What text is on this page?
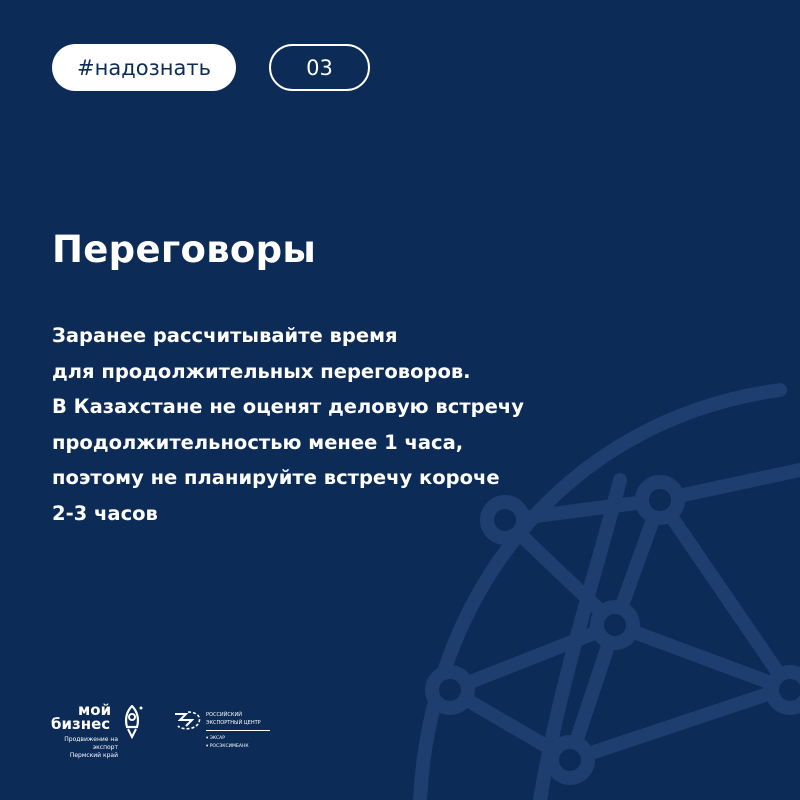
#надознать	03
Переговоры
Заранее рассчитывайте время
для продолжительных переговоров.
В Казахстане не оценят деловую встречу
продолжительностью менее 1 часа,
поэтому не планируйте встречу короче
2-3 часов
мой
бизнес
Продвижение на экспорт
Пермский край
РОССИЙСКИЙ
ЭКСПОРТНЫЙ ЦЕНТР
▾ ЭКСАР
▾ РОСЭКСИМБАНК
